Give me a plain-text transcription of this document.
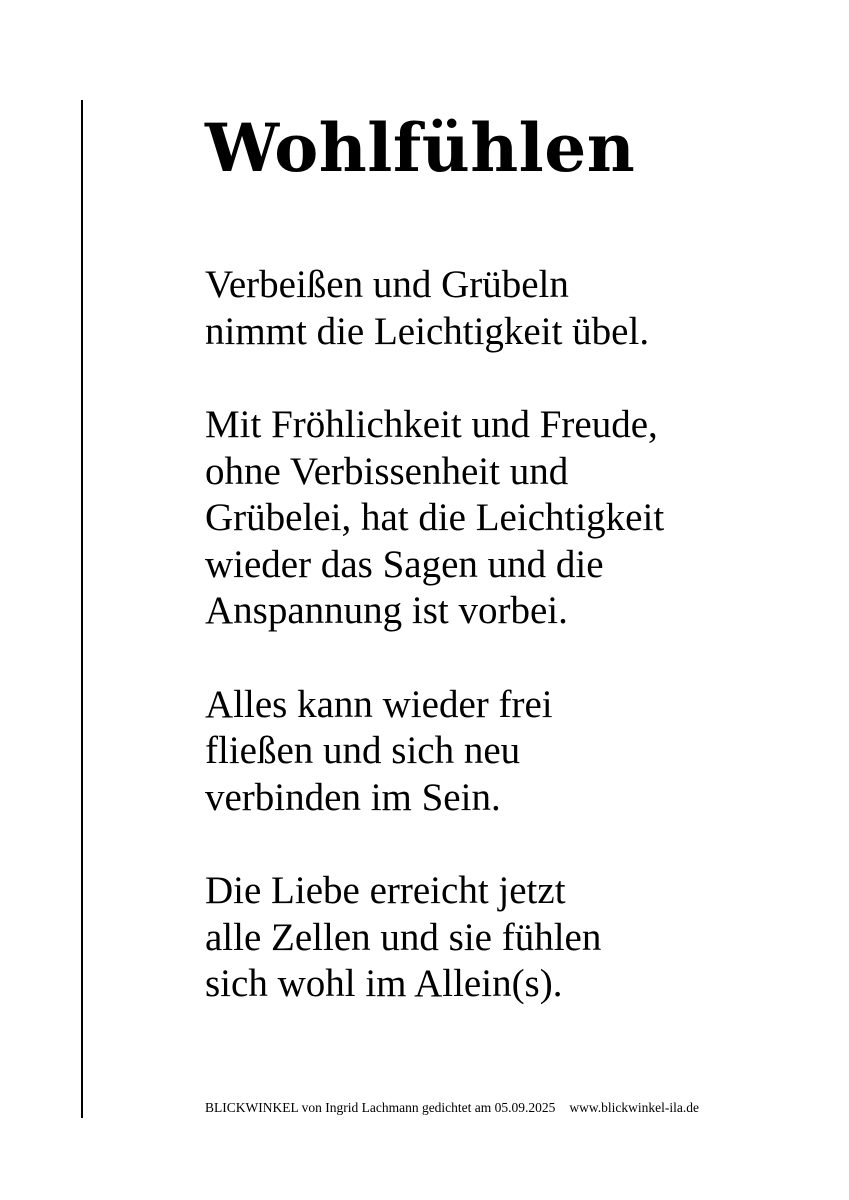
Wohlfühlen
Verbeißen und Grübeln
nimmt die Leichtigkeit übel.
Mit Fröhlichkeit und Freude,
ohne Verbissenheit und
Grübelei, hat die Leichtigkeit
wieder das Sagen und die
Anspannung ist vorbei.
Alles kann wieder frei
fließen und sich neu
verbinden im Sein.
Die Liebe erreicht jetzt
alle Zellen und sie fühlen
sich wohl im Allein(s).
BLICKWINKEL von Ingrid Lachmann gedichtet am 05.09.2025 www.blickwinkel-ila.de
